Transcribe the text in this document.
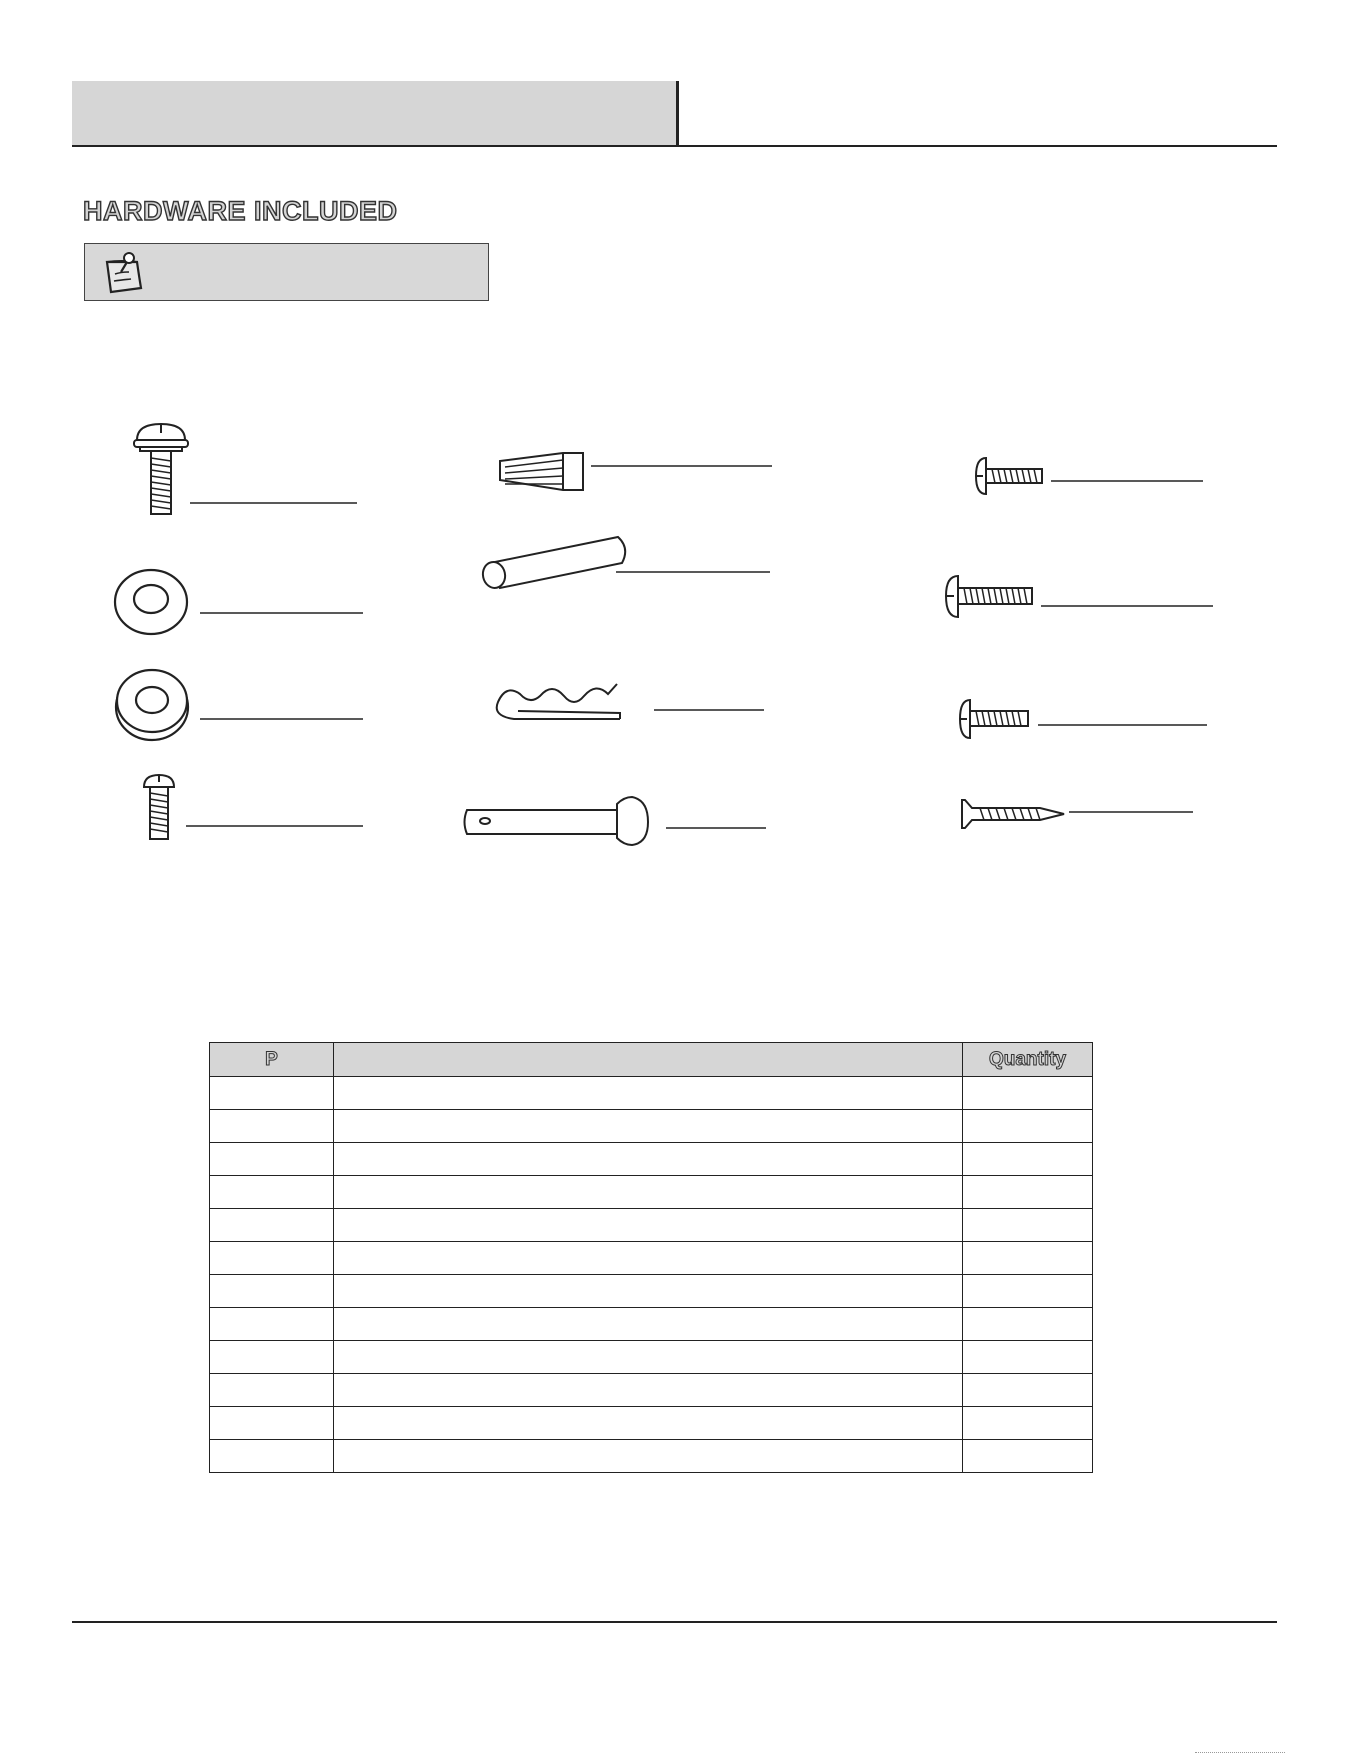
HARDWARE INCLUDED
P		Quantity
